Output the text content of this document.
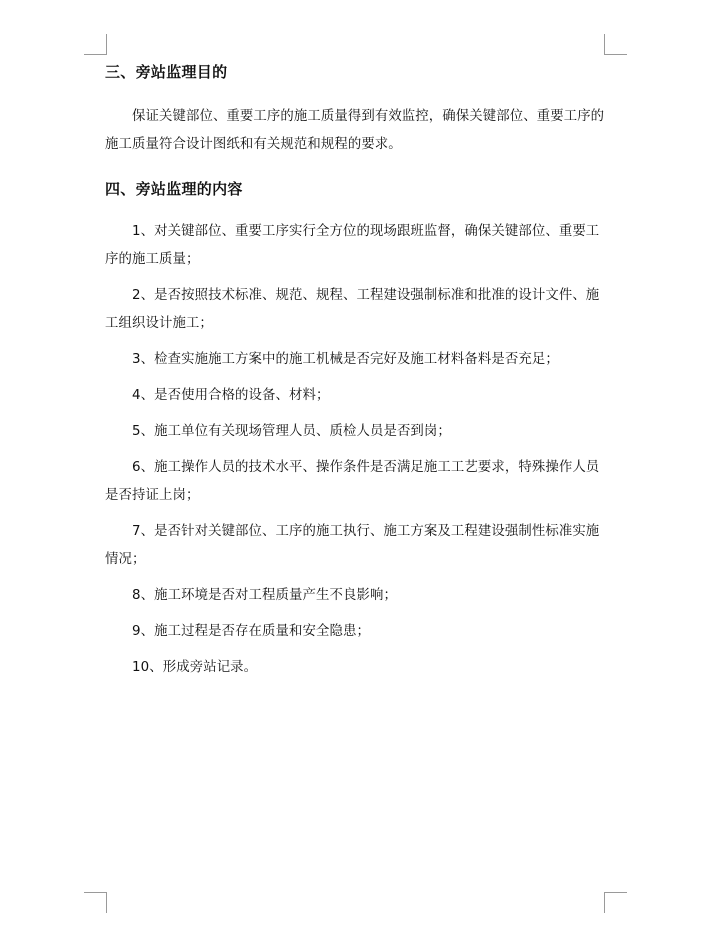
三、旁站监理目的

保证关键部位、重要工序的施工质量得到有效监控，确保关键部位、重要工序的施工质量符合设计图纸和有关规范和规程的要求。

四、旁站监理的内容

1、对关键部位、重要工序实行全方位的现场跟班监督，确保关键部位、重要工序的施工质量；

2、是否按照技术标准、规范、规程、工程建设强制标准和批准的设计文件、施工组织设计施工；

3、检查实施施工方案中的施工机械是否完好及施工材料备料是否充足；

4、是否使用合格的设备、材料；

5、施工单位有关现场管理人员、质检人员是否到岗；

6、施工操作人员的技术水平、操作条件是否满足施工工艺要求，特殊操作人员是否持证上岗；

7、是否针对关键部位、工序的施工执行、施工方案及工程建设强制性标准实施情况；

8、施工环境是否对工程质量产生不良影响；

9、施工过程是否存在质量和安全隐患；

10、形成旁站记录。
